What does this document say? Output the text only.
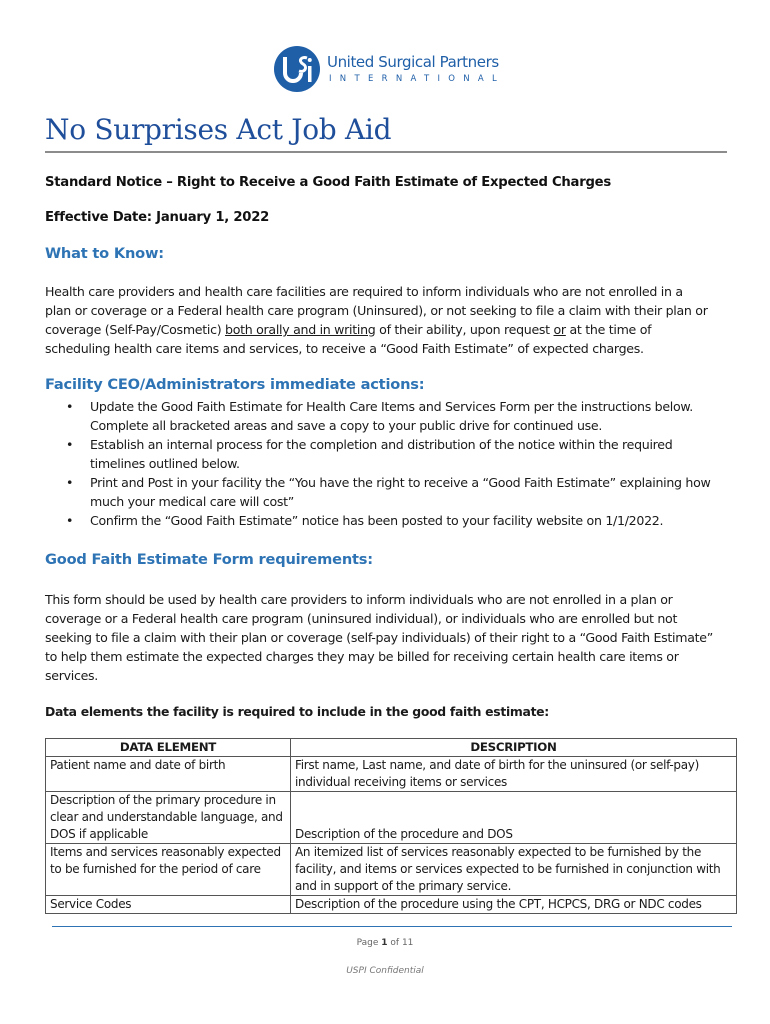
United Surgical Partners
INTERNATIONAL
No Surprises Act Job Aid
Standard Notice – Right to Receive a Good Faith Estimate of Expected Charges
Effective Date: January 1, 2022
What to Know:
Health care providers and health care facilities are required to inform individuals who are not enrolled in a
plan or coverage or a Federal health care program (Uninsured), or not seeking to file a claim with their plan or
coverage (Self-Pay/Cosmetic) both orally and in writing of their ability, upon request or at the time of
scheduling health care items and services, to receive a “Good Faith Estimate” of expected charges.
Facility CEO/Administrators immediate actions:
• Update the Good Faith Estimate for Health Care Items and Services Form per the instructions below.
Complete all bracketed areas and save a copy to your public drive for continued use.
• Establish an internal process for the completion and distribution of the notice within the required
timelines outlined below.
• Print and Post in your facility the “You have the right to receive a “Good Faith Estimate” explaining how
much your medical care will cost”
• Confirm the “Good Faith Estimate” notice has been posted to your facility website on 1/1/2022.
Good Faith Estimate Form requirements:
This form should be used by health care providers to inform individuals who are not enrolled in a plan or
coverage or a Federal health care program (uninsured individual), or individuals who are enrolled but not
seeking to file a claim with their plan or coverage (self-pay individuals) of their right to a “Good Faith Estimate”
to help them estimate the expected charges they may be billed for receiving certain health care items or
services.
Data elements the facility is required to include in the good faith estimate:
DATA ELEMENT	DESCRIPTION

Patient name and date of birth	First name, Last name, and date of birth for the uninsured (or self-pay)
individual receiving items or services

Description of the primary procedure in
clear and understandable language, and
DOS if applicable	Description of the procedure and DOS

Items and services reasonably expected
to be furnished for the period of care	An itemized list of services reasonably expected to be furnished by the
facility, and items or services expected to be furnished in conjunction with
and in support of the primary service.

Service Codes	Description of the procedure using the CPT, HCPCS, DRG or NDC codes
Page 1 of 11
USPI Confidential
